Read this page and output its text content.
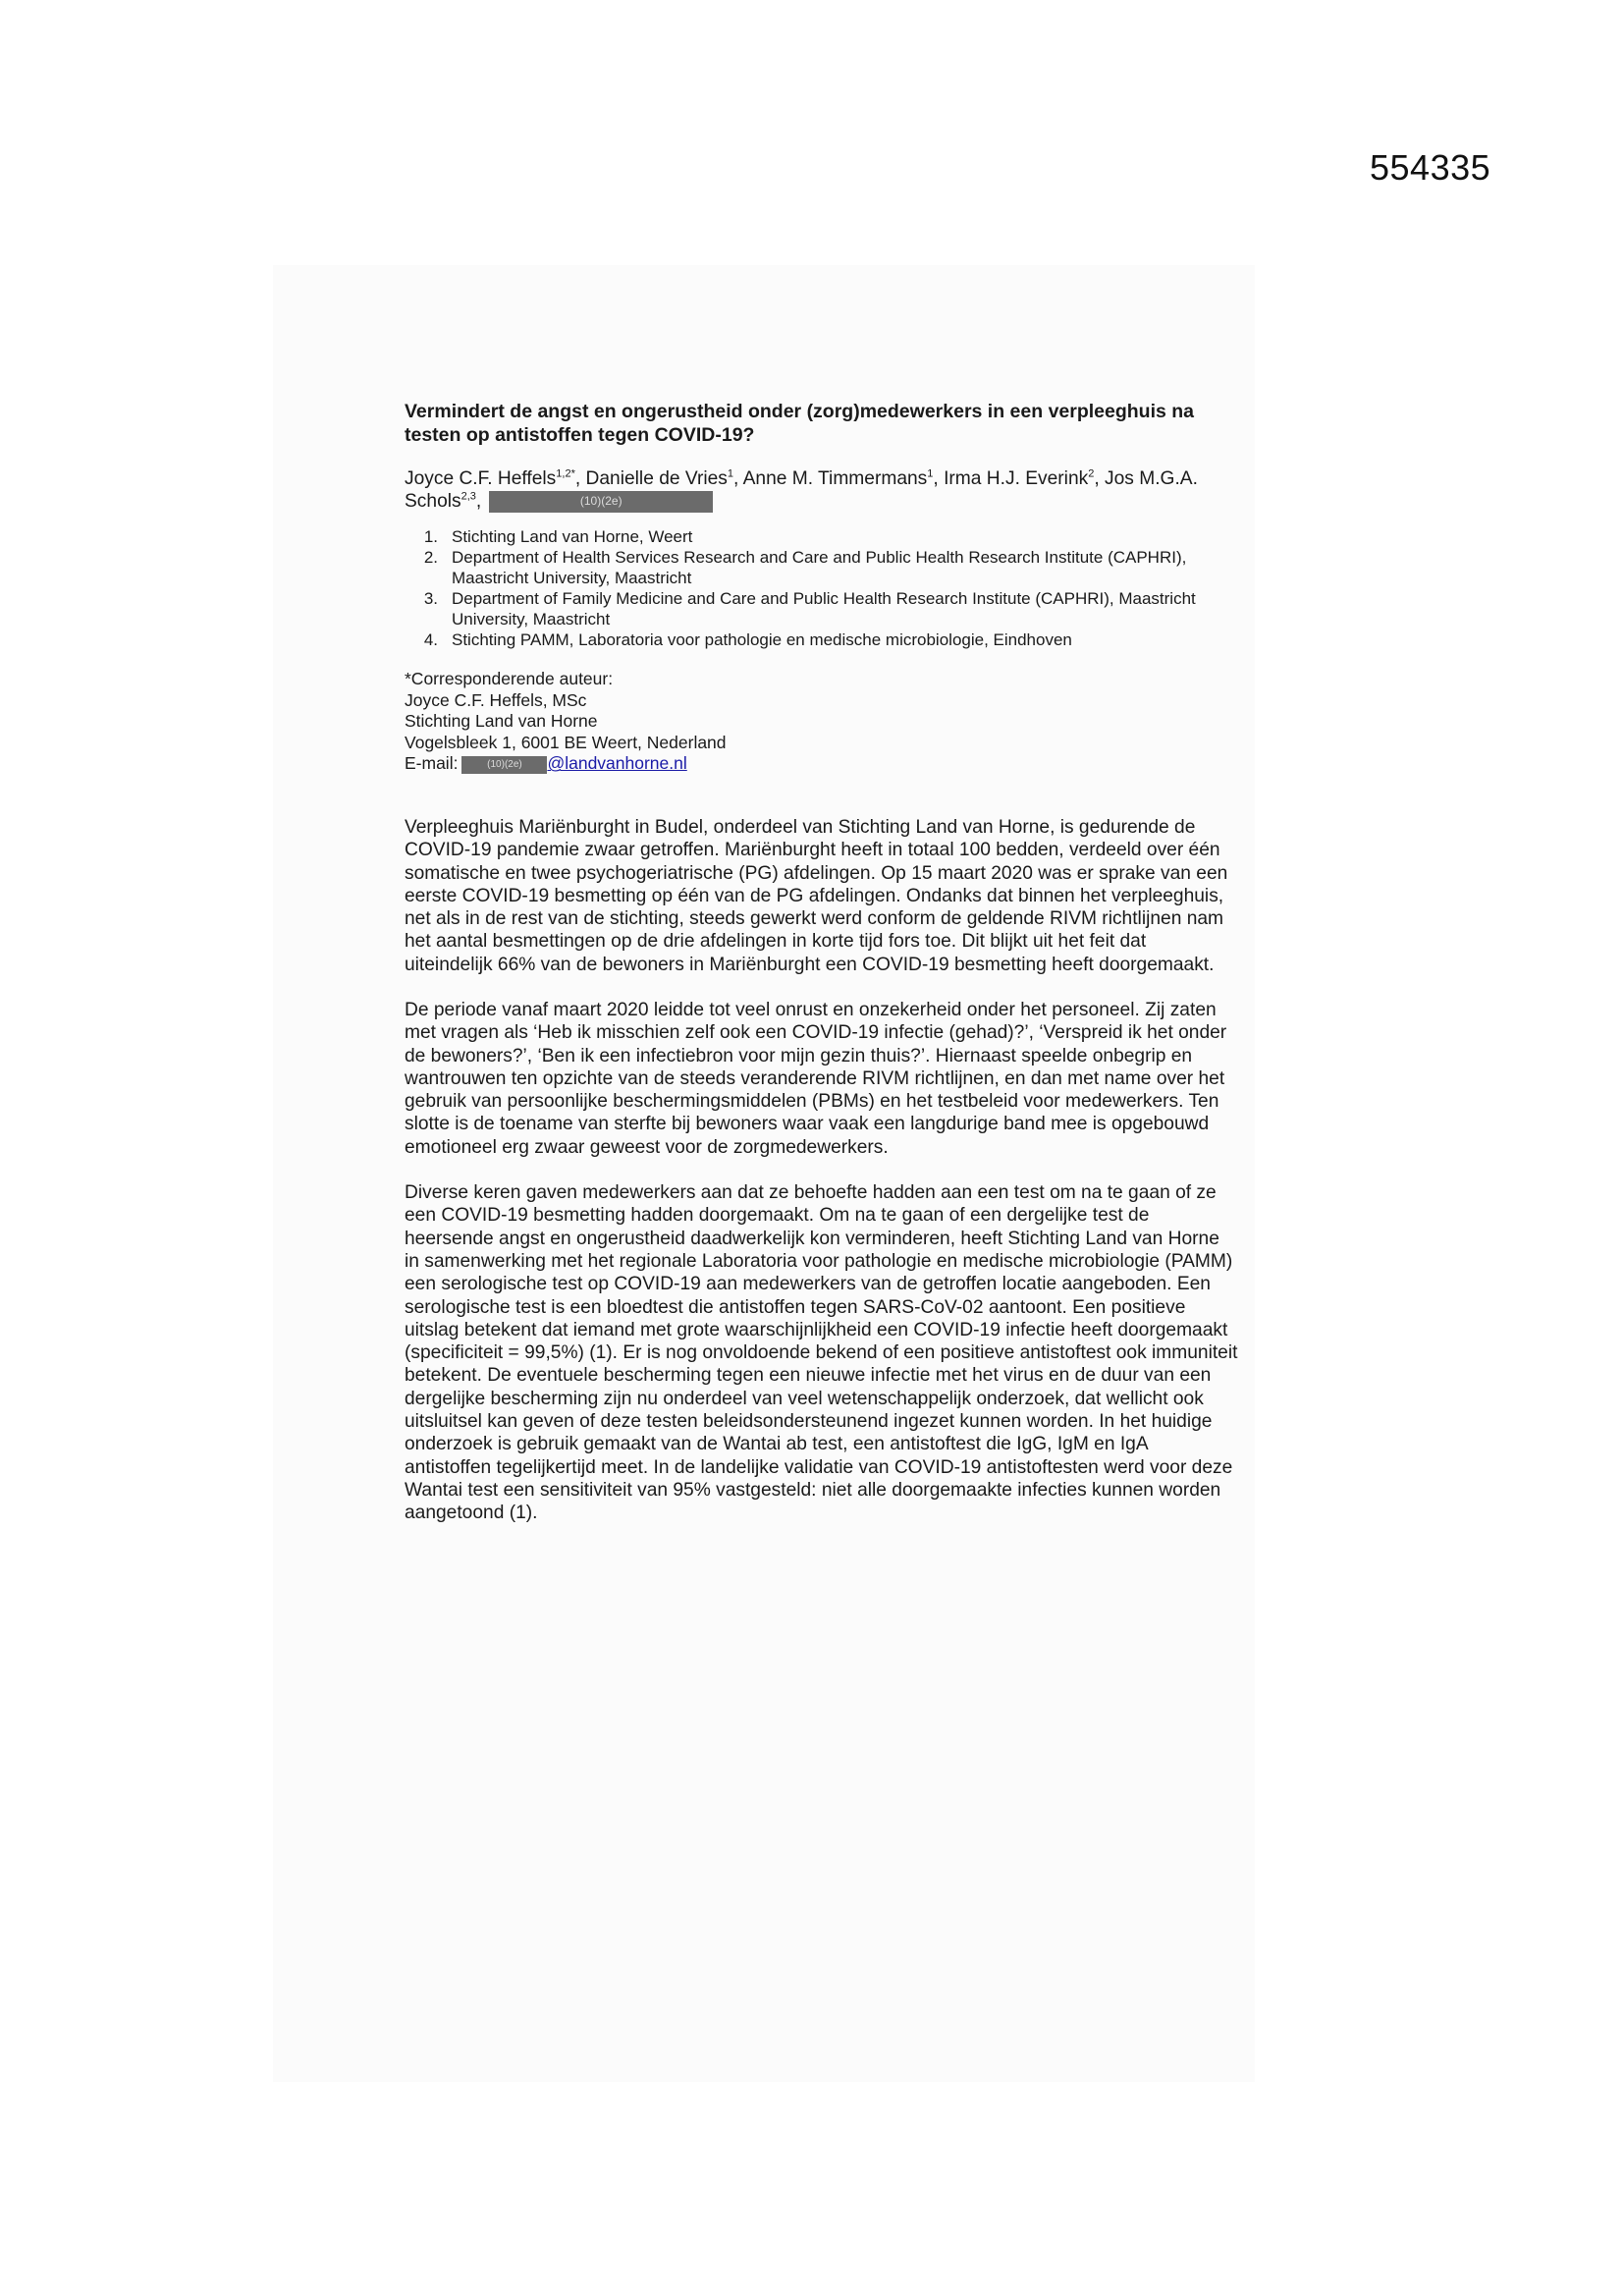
554335
Vermindert de angst en ongerustheid onder (zorg)medewerkers in een verpleeghuis na testen op antistoffen tegen COVID-19?
Joyce C.F. Heffels$^{1,2*}$, Danielle de Vries$^1$, Anne M. Timmermans$^1$, Irma H.J. Everink$^2$, Jos M.G.A. Schols$^{2,3}$,	(10)(2e)
1. Stichting Land van Horne, Weert
2. Department of Health Services Research and Care and Public Health Research Institute (CAPHRI), Maastricht University, Maastricht
3. Department of Family Medicine and Care and Public Health Research Institute (CAPHRI), Maastricht University, Maastricht
4. Stichting PAMM, Laboratoria voor pathologie en medische microbiologie, Eindhoven
*Corresponderende auteur:
Joyce C.F. Heffels, MSc
Stichting Land van Horne
Vogelsbleek 1, 6001 BE Weert, Nederland
E-mail:	(10)(2e) @landvanhorne.nl

Verpleeghuis Mariënburght in Budel, onderdeel van Stichting Land van Horne, is gedurende de COVID-19 pandemie zwaar getroffen. Mariënburght heeft in totaal 100 bedden, verdeeld over één somatische en twee psychogeriatrische (PG) afdelingen. Op 15 maart 2020 was er sprake van een eerste COVID-19 besmetting op één van de PG afdelingen. Ondanks dat binnen het verpleeghuis, net als in de rest van de stichting, steeds gewerkt werd conform de geldende RIVM richtlijnen nam het aantal besmettingen op de drie afdelingen in korte tijd fors toe. Dit blijkt uit het feit dat uiteindelijk 66% van de bewoners in Mariënburght een COVID-19 besmetting heeft doorgemaakt.

De periode vanaf maart 2020 leidde tot veel onrust en onzekerheid onder het personeel. Zij zaten met vragen als ‘Heb ik misschien zelf ook een COVID-19 infectie (gehad)?’, ‘Verspreid ik het onder de bewoners?’, ‘Ben ik een infectiebron voor mijn gezin thuis?’. Hiernaast speelde onbegrip en wantrouwen ten opzichte van de steeds veranderende RIVM richtlijnen, en dan met name over het gebruik van persoonlijke beschermingsmiddelen (PBMs) en het testbeleid voor medewerkers. Ten slotte is de toename van sterfte bij bewoners waar vaak een langdurige band mee is opgebouwd emotioneel erg zwaar geweest voor de zorgmedewerkers.

Diverse keren gaven medewerkers aan dat ze behoefte hadden aan een test om na te gaan of ze een COVID-19 besmetting hadden doorgemaakt. Om na te gaan of een dergelijke test de heersende angst en ongerustheid daadwerkelijk kon verminderen, heeft Stichting Land van Horne in samenwerking met het regionale Laboratoria voor pathologie en medische microbiologie (PAMM) een serologische test op COVID-19 aan medewerkers van de getroffen locatie aangeboden. Een serologische test is een bloedtest die antistoffen tegen SARS-CoV-02 aantoont. Een positieve uitslag betekent dat iemand met grote waarschijnlijkheid een COVID-19 infectie heeft doorgemaakt (specificiteit = 99,5%) (1). Er is nog onvoldoende bekend of een positieve antistoftest ook immuniteit betekent. De eventuele bescherming tegen een nieuwe infectie met het virus en de duur van een dergelijke bescherming zijn nu onderdeel van veel wetenschappelijk onderzoek, dat wellicht ook uitsluitsel kan geven of deze testen beleidsondersteunend ingezet kunnen worden. In het huidige onderzoek is gebruik gemaakt van de Wantai ab test, een antistoftest die IgG, IgM en IgA antistoffen tegelijkertijd meet. In de landelijke validatie van COVID-19 antistoftesten werd voor deze Wantai test een sensitiviteit van 95% vastgesteld: niet alle doorgemaakte infecties kunnen worden aangetoond (1).
